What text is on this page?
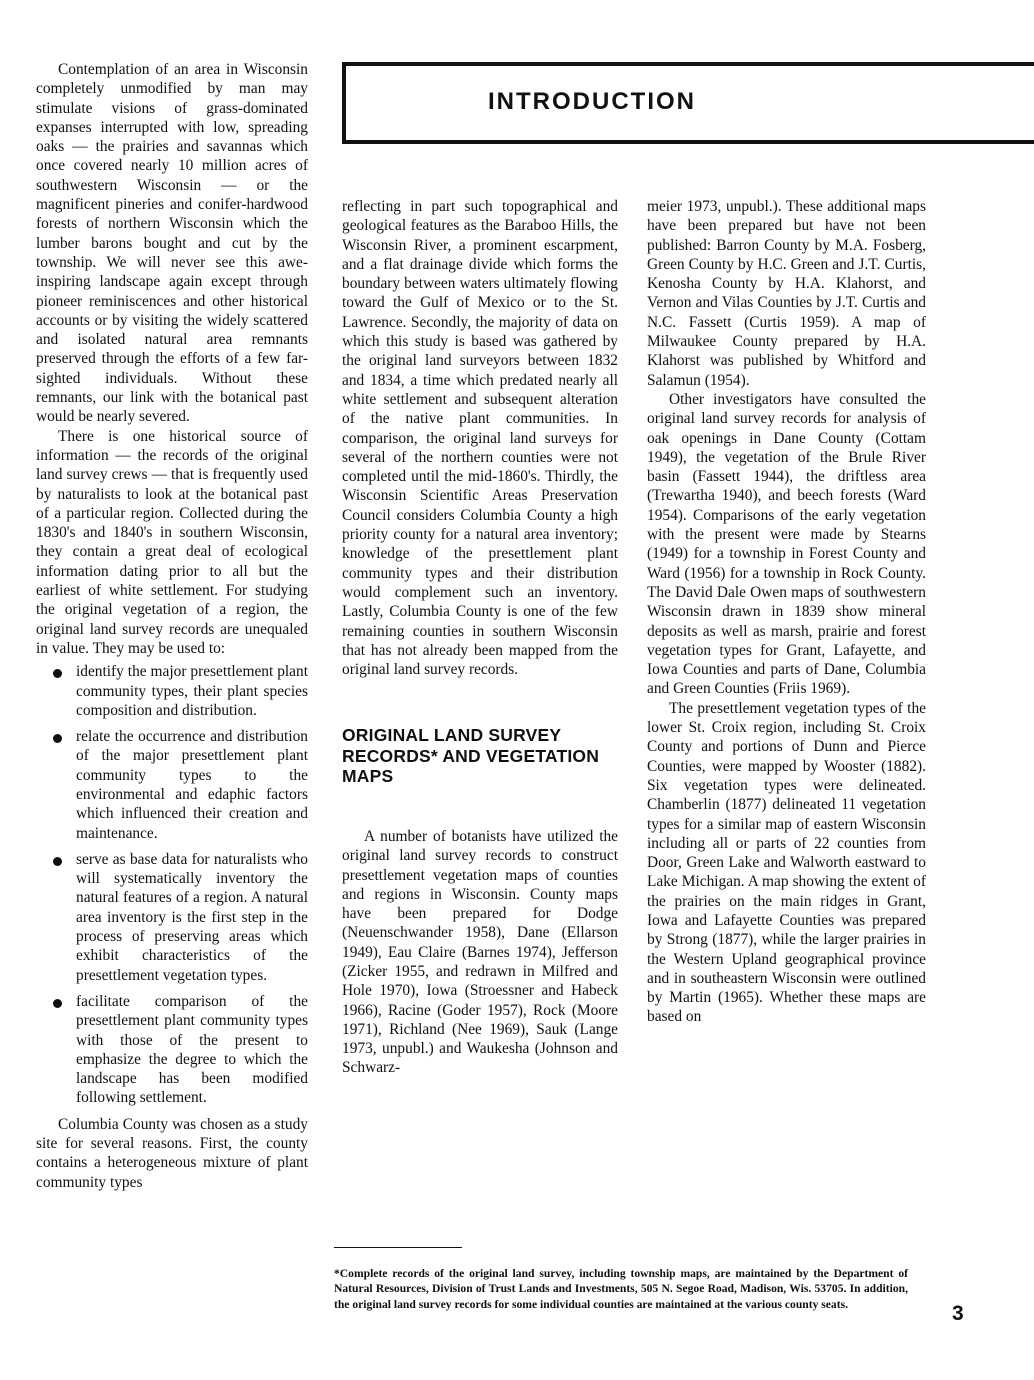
INTRODUCTION

Contemplation of an area in Wisconsin completely unmodified by man may stimulate visions of grass-dominated expanses interrupted with low, spreading oaks — the prairies and savannas which once covered nearly 10 million acres of southwestern Wisconsin — or the magnificent pineries and conifer-hardwood forests of northern Wisconsin which the lumber barons bought and cut by the township. We will never see this awe-inspiring landscape again except through pioneer reminiscences and other historical accounts or by visiting the widely scattered and isolated natural area remnants preserved through the efforts of a few far-sighted individuals. Without these remnants, our link with the botanical past would be nearly severed.

There is one historical source of information — the records of the original land survey crews — that is frequently used by naturalists to look at the botanical past of a particular region. Collected during the 1830's and 1840's in southern Wisconsin, they contain a great deal of ecological information dating prior to all but the earliest of white settlement. For studying the original vegetation of a region, the original land survey records are unequaled in value. They may be used to:

identify the major presettlement plant community types, their plant species composition and distribution.
relate the occurrence and distribution of the major presettlement plant community types to the environmental and edaphic factors which influenced their creation and maintenance.
serve as base data for naturalists who will systematically inventory the natural features of a region. A natural area inventory is the first step in the process of preserving areas which exhibit characteristics of the presettlement vegetation types.
facilitate comparison of the presettlement plant community types with those of the present to emphasize the degree to which the landscape has been modified following settlement.

Columbia County was chosen as a study site for several reasons. First, the county contains a heterogeneous mixture of plant community types

reflecting in part such topographical and geological features as the Baraboo Hills, the Wisconsin River, a prominent escarpment, and a flat drainage divide which forms the boundary between waters ultimately flowing toward the Gulf of Mexico or to the St. Lawrence. Secondly, the majority of data on which this study is based was gathered by the original land surveyors between 1832 and 1834, a time which predated nearly all white settlement and subsequent alteration of the native plant communities. In comparison, the original land surveys for several of the northern counties were not completed until the mid-1860's. Thirdly, the Wisconsin Scientific Areas Preservation Council considers Columbia County a high priority county for a natural area inventory; knowledge of the presettlement plant community types and their distribution would complement such an inventory. Lastly, Columbia County is one of the few remaining counties in southern Wisconsin that has not already been mapped from the original land survey records.

ORIGINAL LAND SURVEY RECORDS* AND VEGETATION MAPS

A number of botanists have utilized the original land survey records to construct presettlement vegetation maps of counties and regions in Wisconsin. County maps have been prepared for Dodge (Neuenschwander 1958), Dane (Ellarson 1949), Eau Claire (Barnes 1974), Jefferson (Zicker 1955, and redrawn in Milfred and Hole 1970), Iowa (Stroessner and Habeck 1966), Racine (Goder 1957), Rock (Moore 1971), Richland (Nee 1969), Sauk (Lange 1973, unpubl.) and Waukesha (Johnson and Schwarz-

meier 1973, unpubl.). These additional maps have been prepared but have not been published: Barron County by M.A. Fosberg, Green County by H.C. Green and J.T. Curtis, Kenosha County by H.A. Klahorst, and Vernon and Vilas Counties by J.T. Curtis and N.C. Fassett (Curtis 1959). A map of Milwaukee County prepared by H.A. Klahorst was published by Whitford and Salamun (1954).

Other investigators have consulted the original land survey records for analysis of oak openings in Dane County (Cottam 1949), the vegetation of the Brule River basin (Fassett 1944), the driftless area (Trewartha 1940), and beech forests (Ward 1954). Comparisons of the early vegetation with the present were made by Stearns (1949) for a township in Forest County and Ward (1956) for a township in Rock County. The David Dale Owen maps of southwestern Wisconsin drawn in 1839 show mineral deposits as well as marsh, prairie and forest vegetation types for Grant, Lafayette, and Iowa Counties and parts of Dane, Columbia and Green Counties (Friis 1969).

The presettlement vegetation types of the lower St. Croix region, including St. Croix County and portions of Dunn and Pierce Counties, were mapped by Wooster (1882). Six vegetation types were delineated. Chamberlin (1877) delineated 11 vegetation types for a similar map of eastern Wisconsin including all or parts of 22 counties from Door, Green Lake and Walworth eastward to Lake Michigan. A map showing the extent of the prairies on the main ridges in Grant, Iowa and Lafayette Counties was prepared by Strong (1877), while the larger prairies in the Western Upland geographical province and in southeastern Wisconsin were outlined by Martin (1965). Whether these maps are based on

*Complete records of the original land survey, including township maps, are maintained by the Department of Natural Resources, Division of Trust Lands and Investments, 505 N. Segoe Road, Madison, Wis. 53705. In addition, the original land survey records for some individual counties are maintained at the various county seats.	3
